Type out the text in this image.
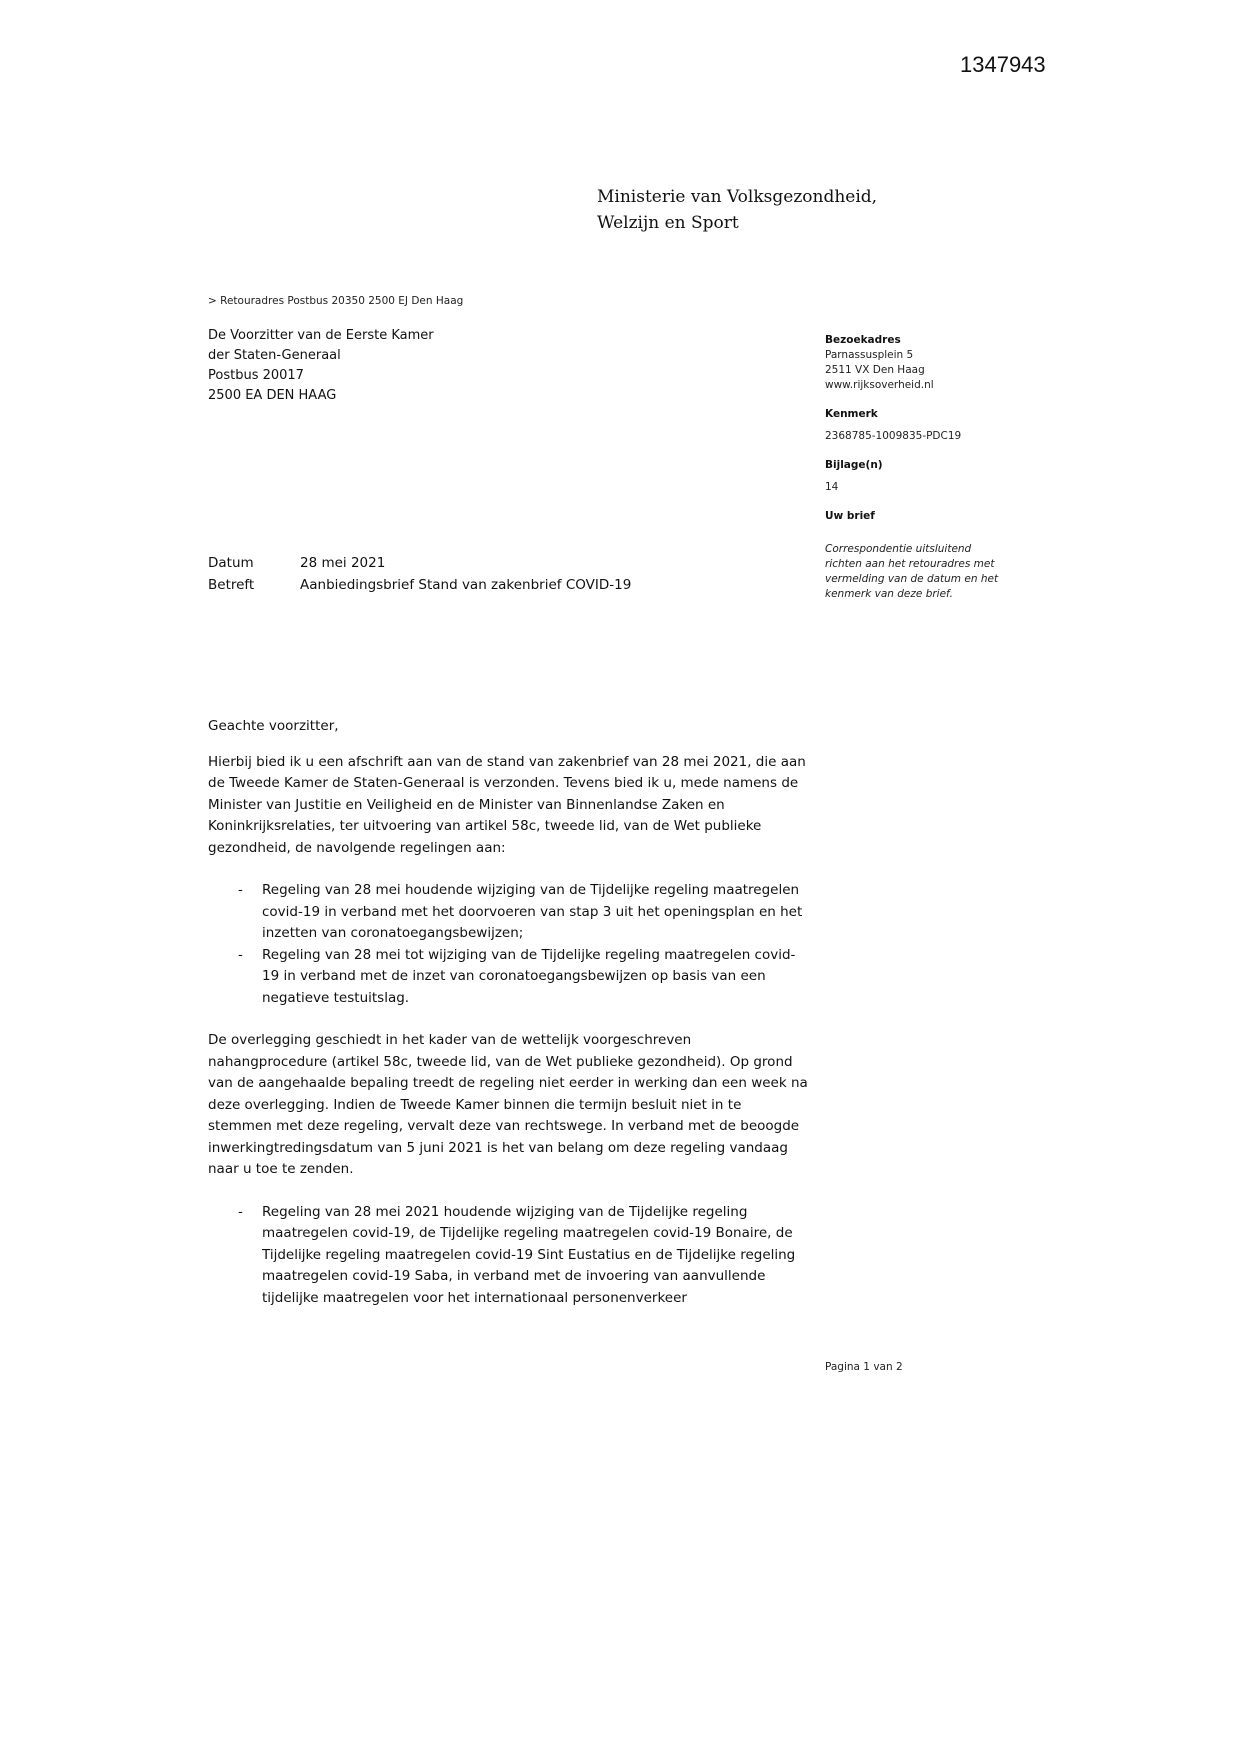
1347943
Ministerie van Volksgezondheid,
Welzijn en Sport
> Retouradres Postbus 20350 2500 EJ Den Haag
De Voorzitter van de Eerste Kamer
der Staten-Generaal
Postbus 20017
2500 EA DEN HAAG
Bezoekadres
Parnassusplein 5
2511 VX Den Haag
www.rijksoverheid.nl
Kenmerk
2368785-1009835-PDC19
Bijlage(n)
14
Uw brief
Correspondentie uitsluitend richten aan het retouradres met vermelding van de datum en het kenmerk van deze brief.
Datum	28 mei 2021
Betreft	Aanbiedingsbrief Stand van zakenbrief COVID-19

Geachte voorzitter,

Hierbij bied ik u een afschrift aan van de stand van zakenbrief van 28 mei 2021, die aan de Tweede Kamer de Staten-Generaal is verzonden. Tevens bied ik u, mede namens de Minister van Justitie en Veiligheid en de Minister van Binnenlandse Zaken en Koninkrijksrelaties, ter uitvoering van artikel 58c, tweede lid, van de Wet publieke gezondheid, de navolgende regelingen aan:

-	Regeling van 28 mei houdende wijziging van de Tijdelijke regeling maatregelen covid-19 in verband met het doorvoeren van stap 3 uit het openingsplan en het inzetten van coronatoegangsbewijzen;
-	Regeling van 28 mei tot wijziging van de Tijdelijke regeling maatregelen covid-19 in verband met de inzet van coronatoegangsbewijzen op basis van een negatieve testuitslag.

De overlegging geschiedt in het kader van de wettelijk voorgeschreven nahangprocedure (artikel 58c, tweede lid, van de Wet publieke gezondheid). Op grond van de aangehaalde bepaling treedt de regeling niet eerder in werking dan een week na deze overlegging. Indien de Tweede Kamer binnen die termijn besluit niet in te stemmen met deze regeling, vervalt deze van rechtswege. In verband met de beoogde inwerkingtredingsdatum van 5 juni 2021 is het van belang om deze regeling vandaag naar u toe te zenden.

-	Regeling van 28 mei 2021 houdende wijziging van de Tijdelijke regeling maatregelen covid-19, de Tijdelijke regeling maatregelen covid-19 Bonaire, de Tijdelijke regeling maatregelen covid-19 Sint Eustatius en de Tijdelijke regeling maatregelen covid-19 Saba, in verband met de invoering van aanvullende tijdelijke maatregelen voor het internationaal personenverkeer
Pagina 1 van 2
